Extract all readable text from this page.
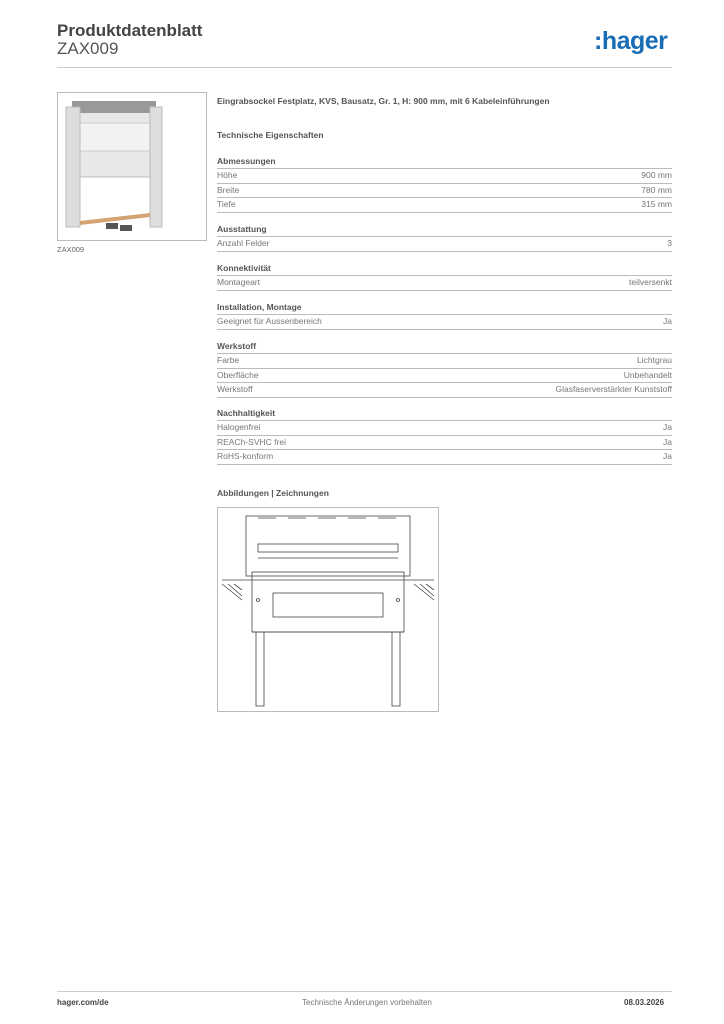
Produktdatenblatt
ZAX009	:hager
ZAX009
Eingrabsockel Festplatz, KVS, Bausatz, Gr. 1, H: 900 mm, mit 6 Kabeleinführungen
Technische Eigenschaften
Abmessungen
Höhe	900 mm
Breite	780 mm
Tiefe	315 mm
Ausstattung
Anzahl Felder	3
Konnektivität
Montageart	teilversenkt
Installation, Montage
Geeignet für Aussenbereich	Ja
Werkstoff
Farbe	Lichtgrau
Oberfläche	Unbehandelt
Werkstoff	Glasfaserverstärkter Kunststoff
Nachhaltigkeit
Halogenfrei	Ja
REACh-SVHC frei	Ja
RoHS-konform	Ja
Abbildungen | Zeichnungen
hager.com/de	Technische Änderungen vorbehalten	08.03.2026
